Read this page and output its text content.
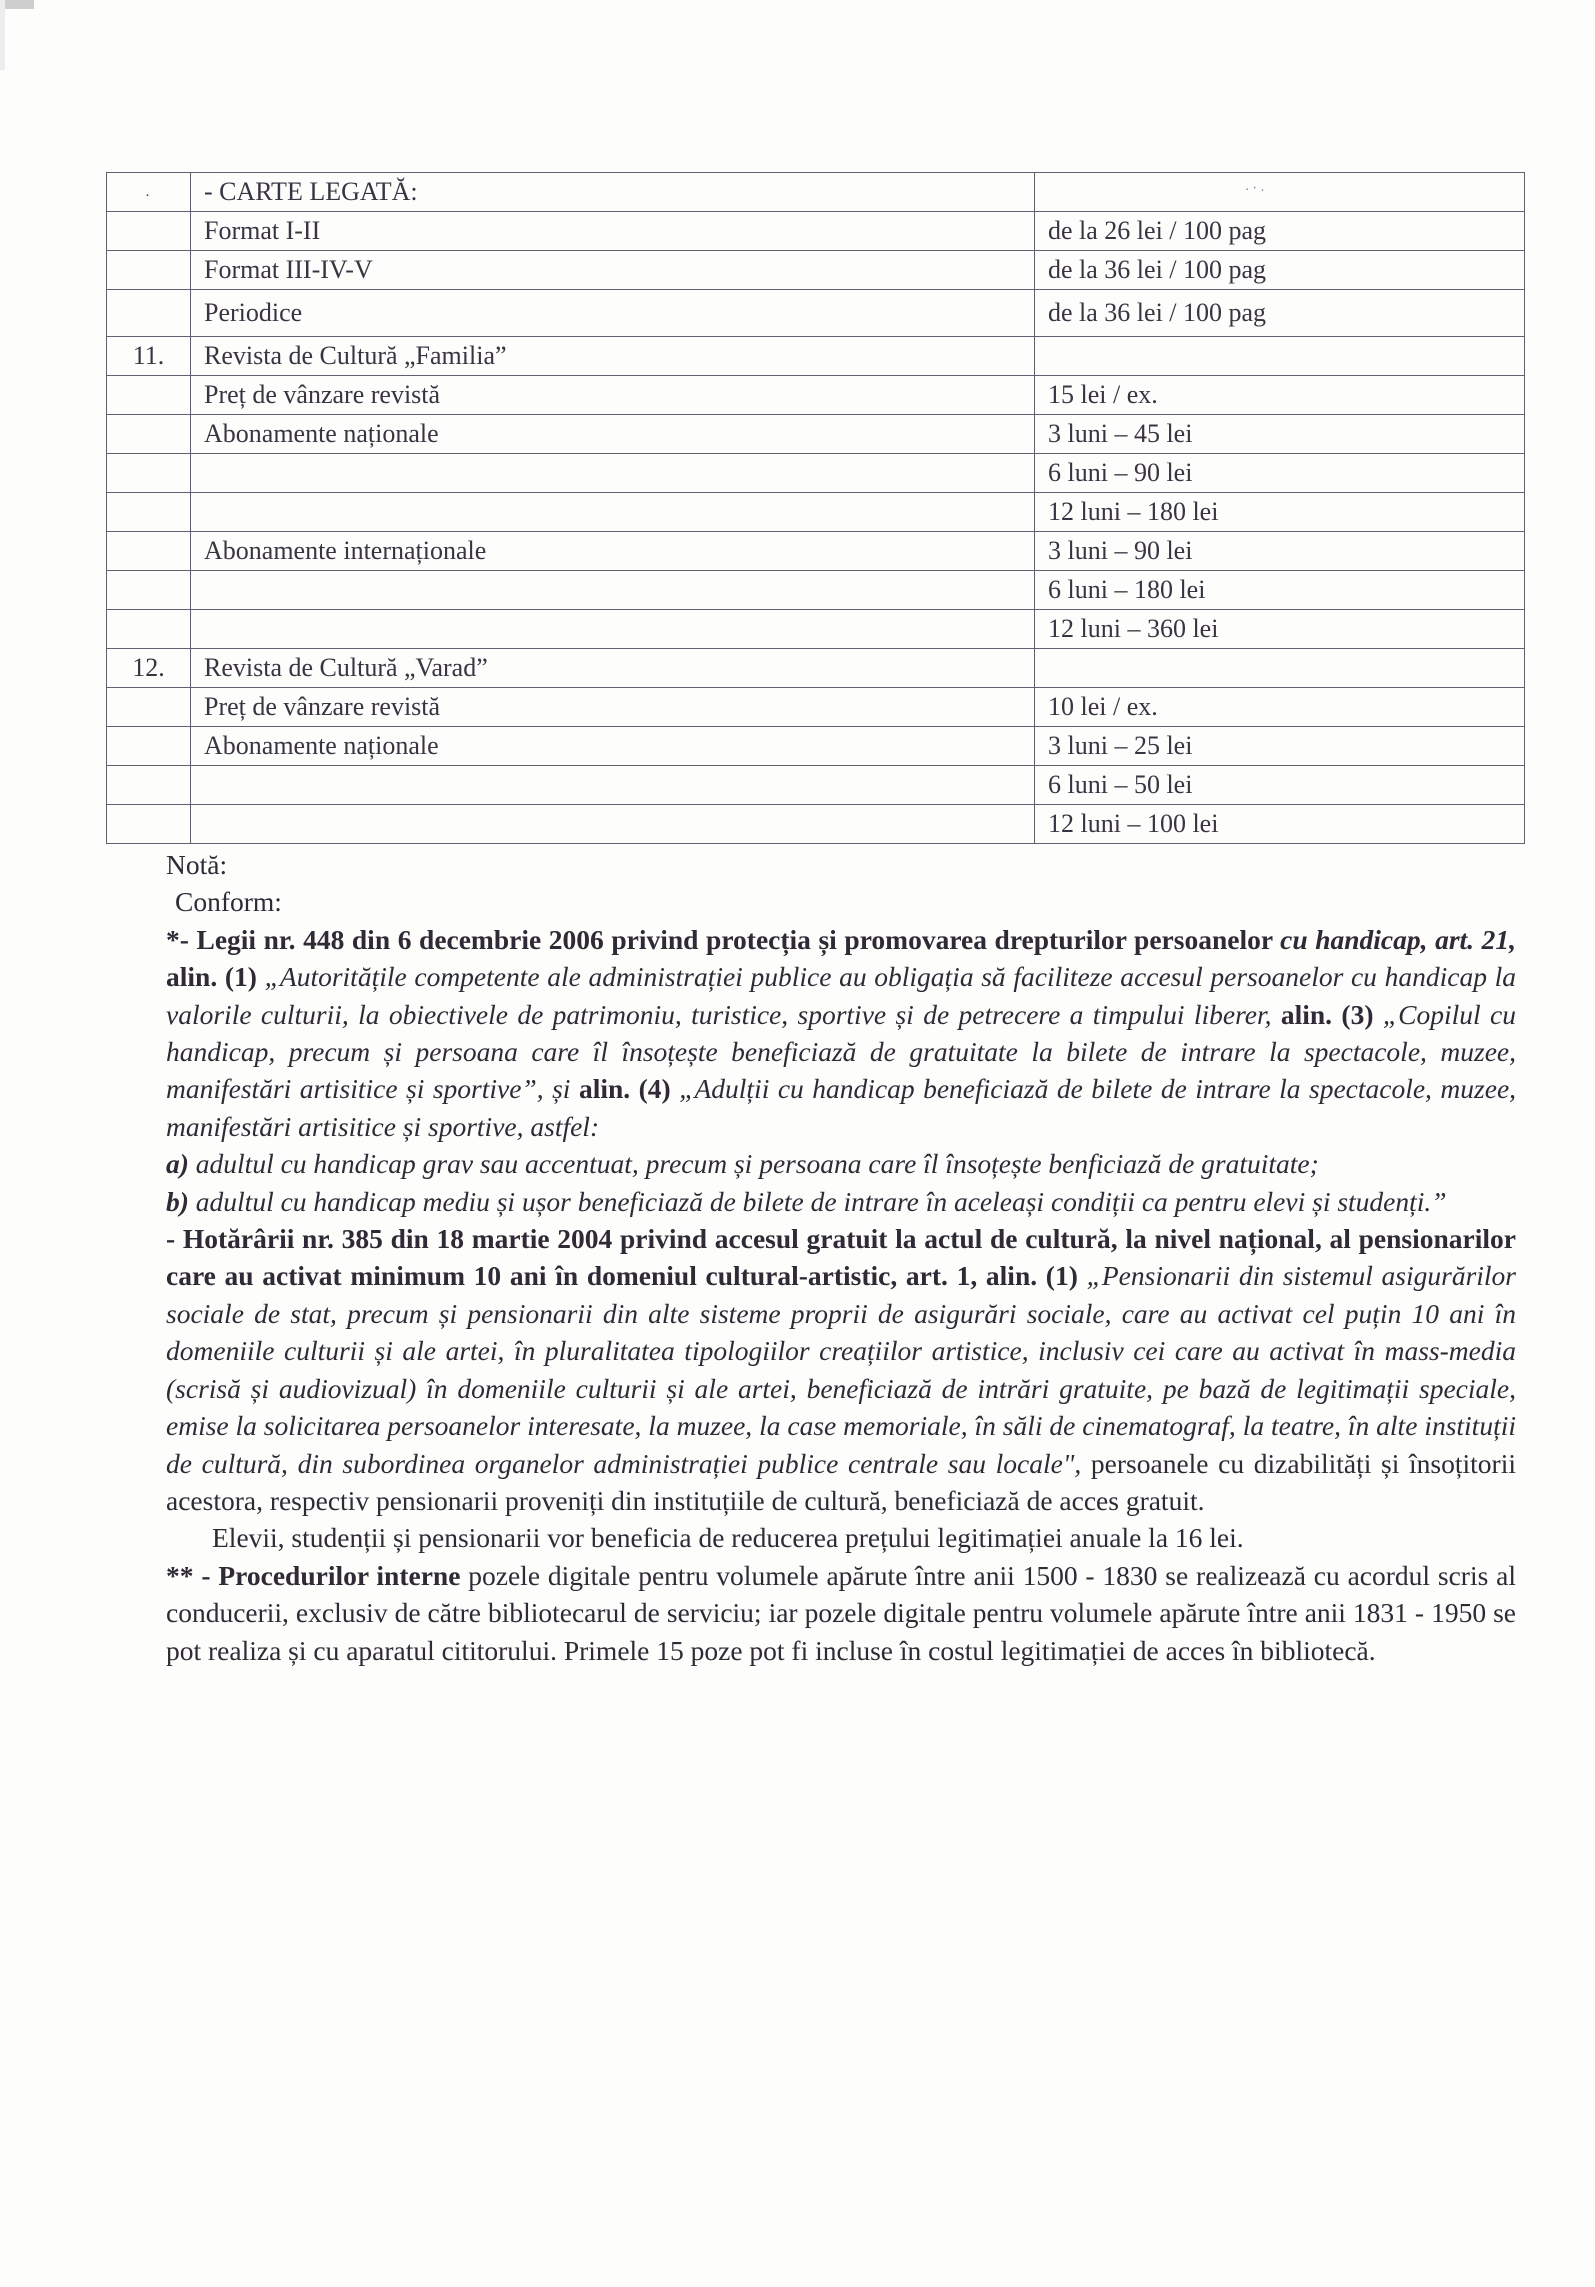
.	- CARTE LEGATĂ:	··.

	Format I-II	de la 26 lei / 100 pag
	Format III-IV-V	de la 36 lei / 100 pag
	Periodice	de la 36 lei / 100 pag
11.	Revista de Cultură „Familia”	
	Preț de vânzare revistă	15 lei / ex.
	Abonamente naționale	3 luni – 45 lei
		6 luni – 90 lei
		12 luni – 180 lei
	Abonamente internaționale	3 luni – 90 lei
		6 luni – 180 lei
		12 luni – 360 lei
12.	Revista de Cultură „Varad”	
	Preț de vânzare revistă	10 lei / ex.
	Abonamente naționale	3 luni – 25 lei
		6 luni – 50 lei
		12 luni – 100 lei
Notă:
Conform:

*- Legii nr. 448 din 6 decembrie 2006 privind protecția și promovarea drepturilor persoanelor cu handicap, art. 21, alin. (1) „Autoritățile competente ale administrației publice au obligația să faciliteze accesul persoanelor cu handicap la valorile culturii, la obiectivele de patrimoniu, turistice, sportive și de petrecere a timpului liberer, alin. (3) „Copilul cu handicap, precum și persoana care îl însoțește beneficiază de gratuitate la bilete de intrare la spectacole, muzee, manifestări artisitice și sportive”, și alin. (4) „Adulții cu handicap beneficiază de bilete de intrare la spectacole, muzee, manifestări artisitice și sportive, astfel:

a) adultul cu handicap grav sau accentuat, precum și persoana care îl însoțește benficiază de gratuitate;

b) adultul cu handicap mediu și ușor beneficiază de bilete de intrare în aceleași condiții ca pentru elevi și studenți.”

- Hotărârii nr. 385 din 18 martie 2004 privind accesul gratuit la actul de cultură, la nivel național, al pensionarilor care au activat minimum 10 ani în domeniul cultural-artistic, art. 1, alin. (1) „Pensionarii din sistemul asigurărilor sociale de stat, precum și pensionarii din alte sisteme proprii de asigurări sociale, care au activat cel puțin 10 ani în domeniile culturii și ale artei, în pluralitatea tipologiilor creațiilor artistice, inclusiv cei care au activat în mass-media (scrisă și audiovizual) în domeniile culturii și ale artei, beneficiază de intrări gratuite, pe bază de legitimații speciale, emise la solicitarea persoanelor interesate, la muzee, la case memoriale, în săli de cinematograf, la teatre, în alte instituții de cultură, din subordinea organelor administrației publice centrale sau locale", persoanele cu dizabilități și însoțitorii acestora, respectiv pensionarii proveniți din instituțiile de cultură, beneficiază de acces gratuit.

Elevii, studenții și pensionarii vor beneficia de reducerea prețului legitimației anuale la 16 lei.

** - Procedurilor interne pozele digitale pentru volumele apărute între anii 1500 - 1830 se realizează cu acordul scris al conducerii, exclusiv de către bibliotecarul de serviciu; iar pozele digitale pentru volumele apărute între anii 1831 - 1950 se pot realiza și cu aparatul cititorului. Primele 15 poze pot fi incluse în costul legitimației de acces în bibliotecă.
